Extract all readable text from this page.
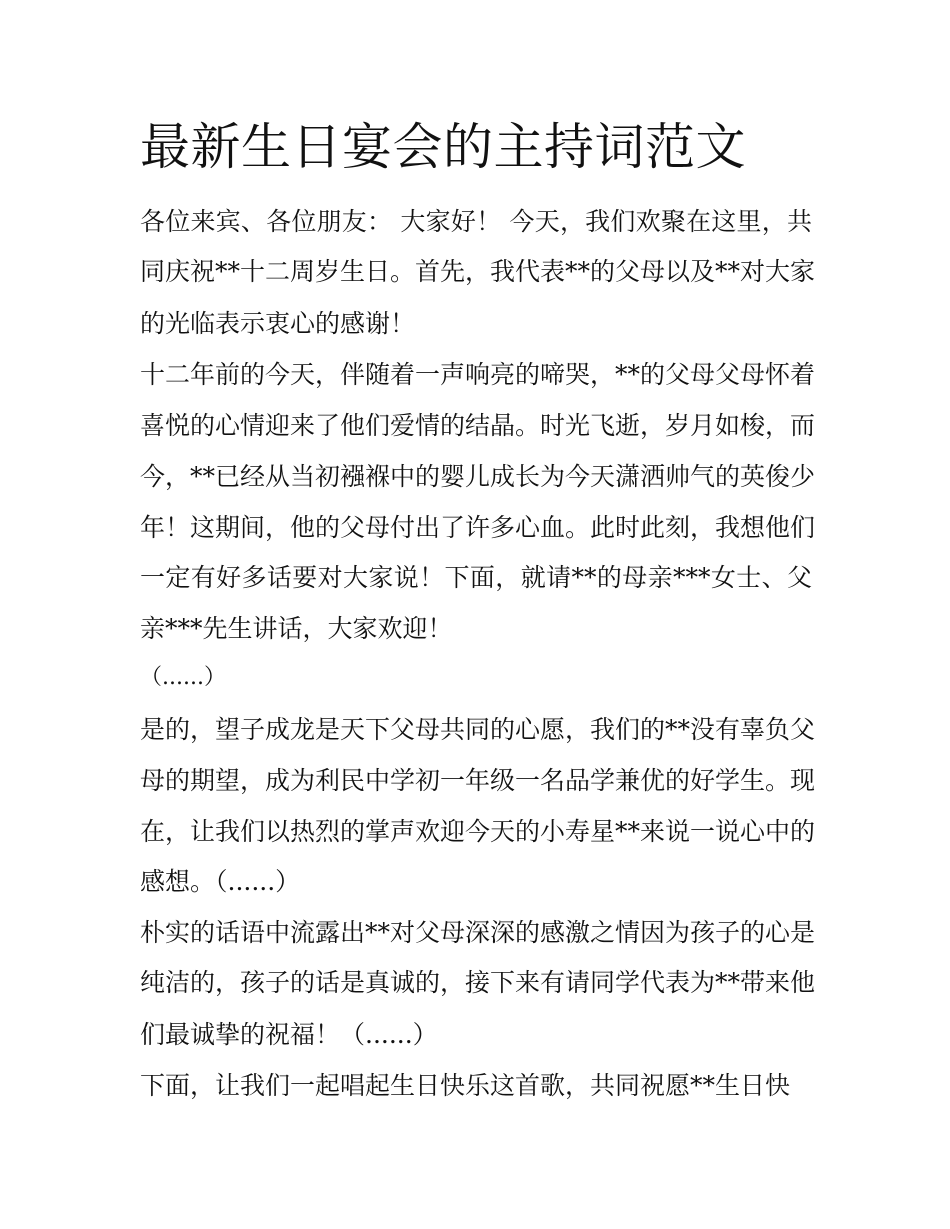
最新生日宴会的主持词范文

各位来宾、各位朋友： 大家好！ 今天，我们欢聚在这里，共

同庆祝**十二周岁生日。首先，我代表**的父母以及**对大家

的光临表示衷心的感谢！

十二年前的今天，伴随着一声响亮的啼哭，**的父母父母怀着

喜悦的心情迎来了他们爱情的结晶。时光飞逝，岁月如梭，而

今，**已经从当初襁褓中的婴儿成长为今天潇洒帅气的英俊少

年！这期间，他的父母付出了许多心血。此时此刻，我想他们

一定有好多话要对大家说！下面，就请**的母亲***女士、父

亲***先生讲话，大家欢迎！

（......）

是的，望子成龙是天下父母共同的心愿，我们的**没有辜负父

母的期望，成为利民中学初一年级一名品学兼优的好学生。现

在，让我们以热烈的掌声欢迎今天的小寿星**来说一说心中的

感想。（......）

朴实的话语中流露出**对父母深深的感激之情因为孩子的心是

纯洁的，孩子的话是真诚的，接下来有请同学代表为**带来他

们最诚挚的祝福！（......）

下面，让我们一起唱起生日快乐这首歌，共同祝愿**生日快
